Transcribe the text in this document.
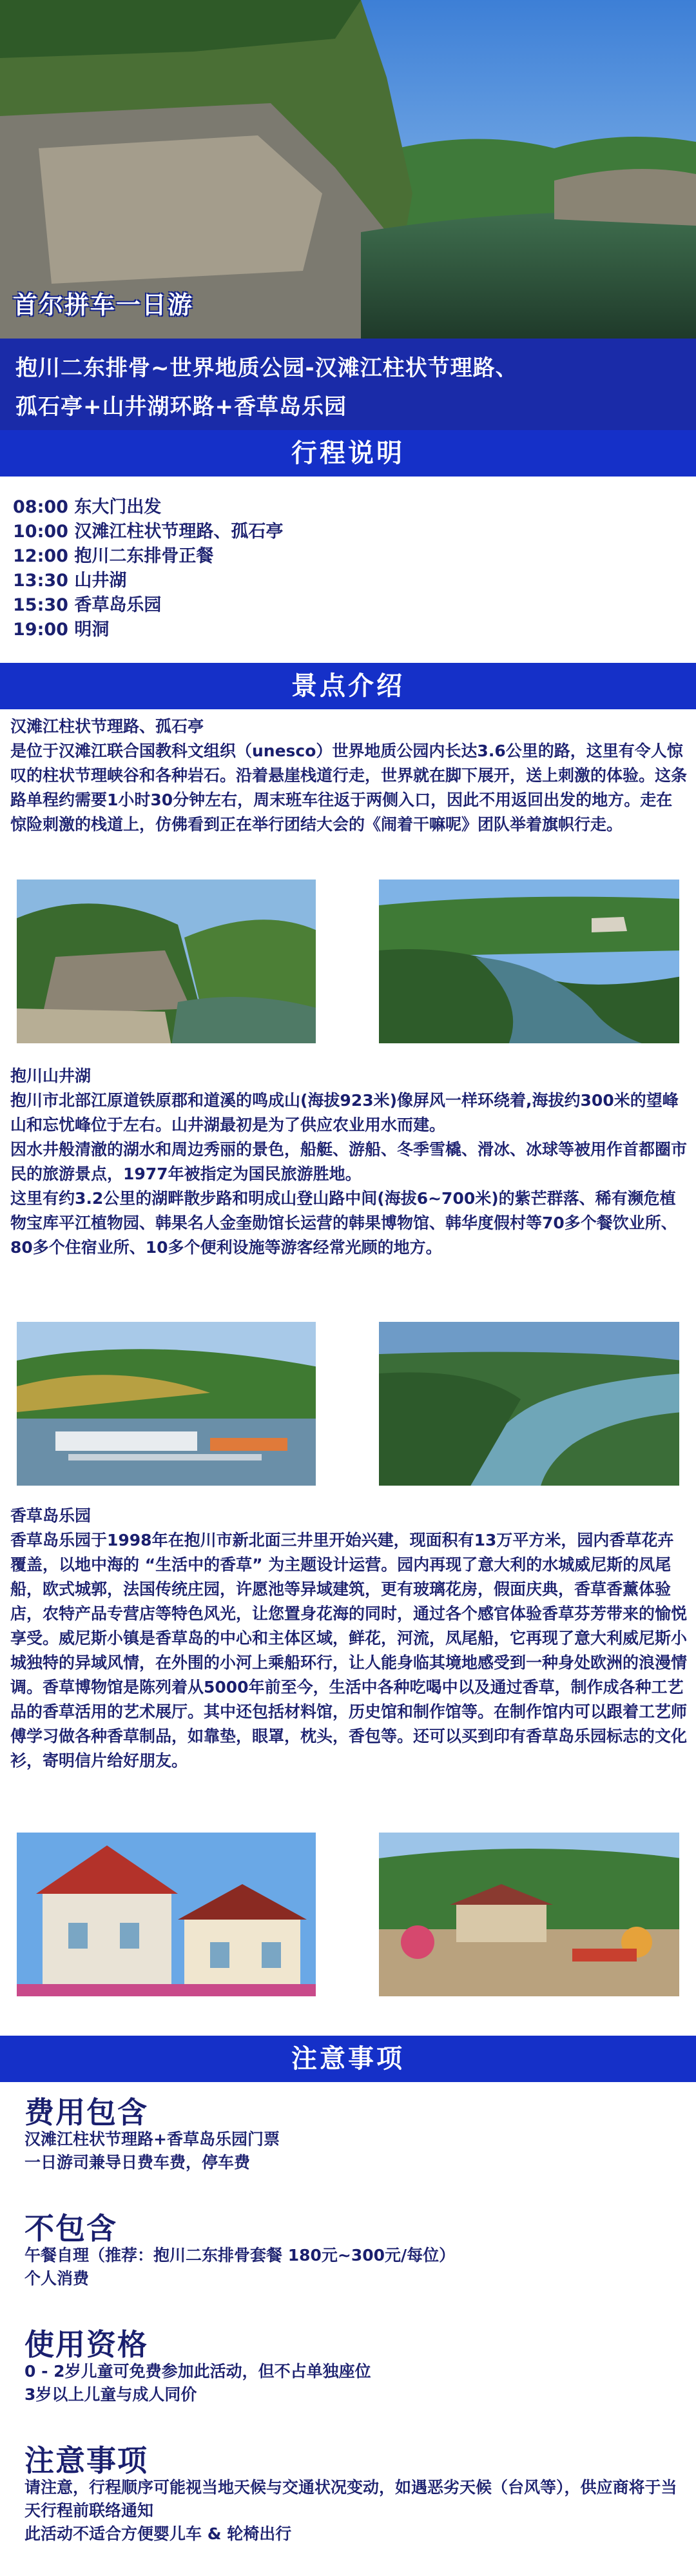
首尔拼车一日游
抱川二东排骨~世界地质公园-汉滩江柱状节理路、
孤石亭+山井湖环路+香草岛乐园
行程说明
08:00 东大门出发
10:00 汉滩江柱状节理路、孤石亭
12:00 抱川二东排骨正餐
13:30 山井湖
15:30 香草岛乐园
19:00 明洞
景点介绍

汉滩江柱状节理路、孤石亭

是位于汉滩江联合国教科文组织（unesco）世界地质公园内长达3.6公里的路，这里有令人惊叹的柱状节理峡谷和各种岩石。沿着悬崖栈道行走，世界就在脚下展开，送上刺激的体验。这条路单程约需要1小时30分钟左右，周末班车往返于两侧入口，因此不用返回出发的地方。走在惊险刺激的栈道上，仿佛看到正在举行团结大会的《闹着干嘛呢》团队举着旗帜行走。

抱川山井湖

抱川市北部江原道铁原郡和道溪的鸣成山(海拔923米)像屏风一样环绕着,海拔约300米的望峰山和忘忧峰位于左右。山井湖最初是为了供应农业用水而建。

因水井般清澈的湖水和周边秀丽的景色，船艇、游船、冬季雪橇、滑冰、冰球等被用作首都圈市民的旅游景点，1977年被指定为国民旅游胜地。

这里有约3.2公里的湖畔散步路和明成山登山路中间(海拔6~700米)的紫芒群落、稀有濒危植物宝库平江植物园、韩果名人金奎勋馆长运营的韩果博物馆、韩华度假村等70多个餐饮业所、80多个住宿业所、10多个便利设施等游客经常光顾的地方。

香草岛乐园

香草岛乐园于1998年在抱川市新北面三井里开始兴建，现面积有13万平方米，园内香草花卉覆盖，以地中海的 “生活中的香草” 为主题设计运营。园内再现了意大利的水城威尼斯的凤尾船，欧式城郭，法国传统庄园，许愿池等异域建筑，更有玻璃花房，假面庆典，香草香薰体验店，农特产品专营店等特色风光，让您置身花海的同时，通过各个感官体验香草芬芳带来的愉悦享受。威尼斯小镇是香草岛的中心和主体区域，鲜花，河流，凤尾船，它再现了意大利威尼斯小城独特的异域风情，在外围的小河上乘船环行，让人能身临其境地感受到一种身处欧洲的浪漫情调。香草博物馆是陈列着从5000年前至今，生活中各种吃喝中以及通过香草，制作成各种工艺品的香草活用的艺术展厅。其中还包括材料馆，历史馆和制作馆等。在制作馆内可以跟着工艺师傅学习做各种香草制品，如靠垫，眼罩，枕头，香包等。还可以买到印有香草岛乐园标志的文化衫，寄明信片给好朋友。

注意事项
费用包含
汉滩江柱状节理路+香草岛乐园门票
一日游司兼导日费车费，停车费
不包含
午餐自理（推荐：抱川二东排骨套餐 180元~300元/每位）
个人消费
使用资格
0 - 2岁儿童可免费参加此活动，但不占单独座位
3岁以上儿童与成人同价
注意事项
请注意，行程顺序可能视当地天候与交通状况变动，如遇恶劣天候（台风等），供应商将于当天行程前联络通知
此活动不适合方便婴儿车 & 轮椅出行
